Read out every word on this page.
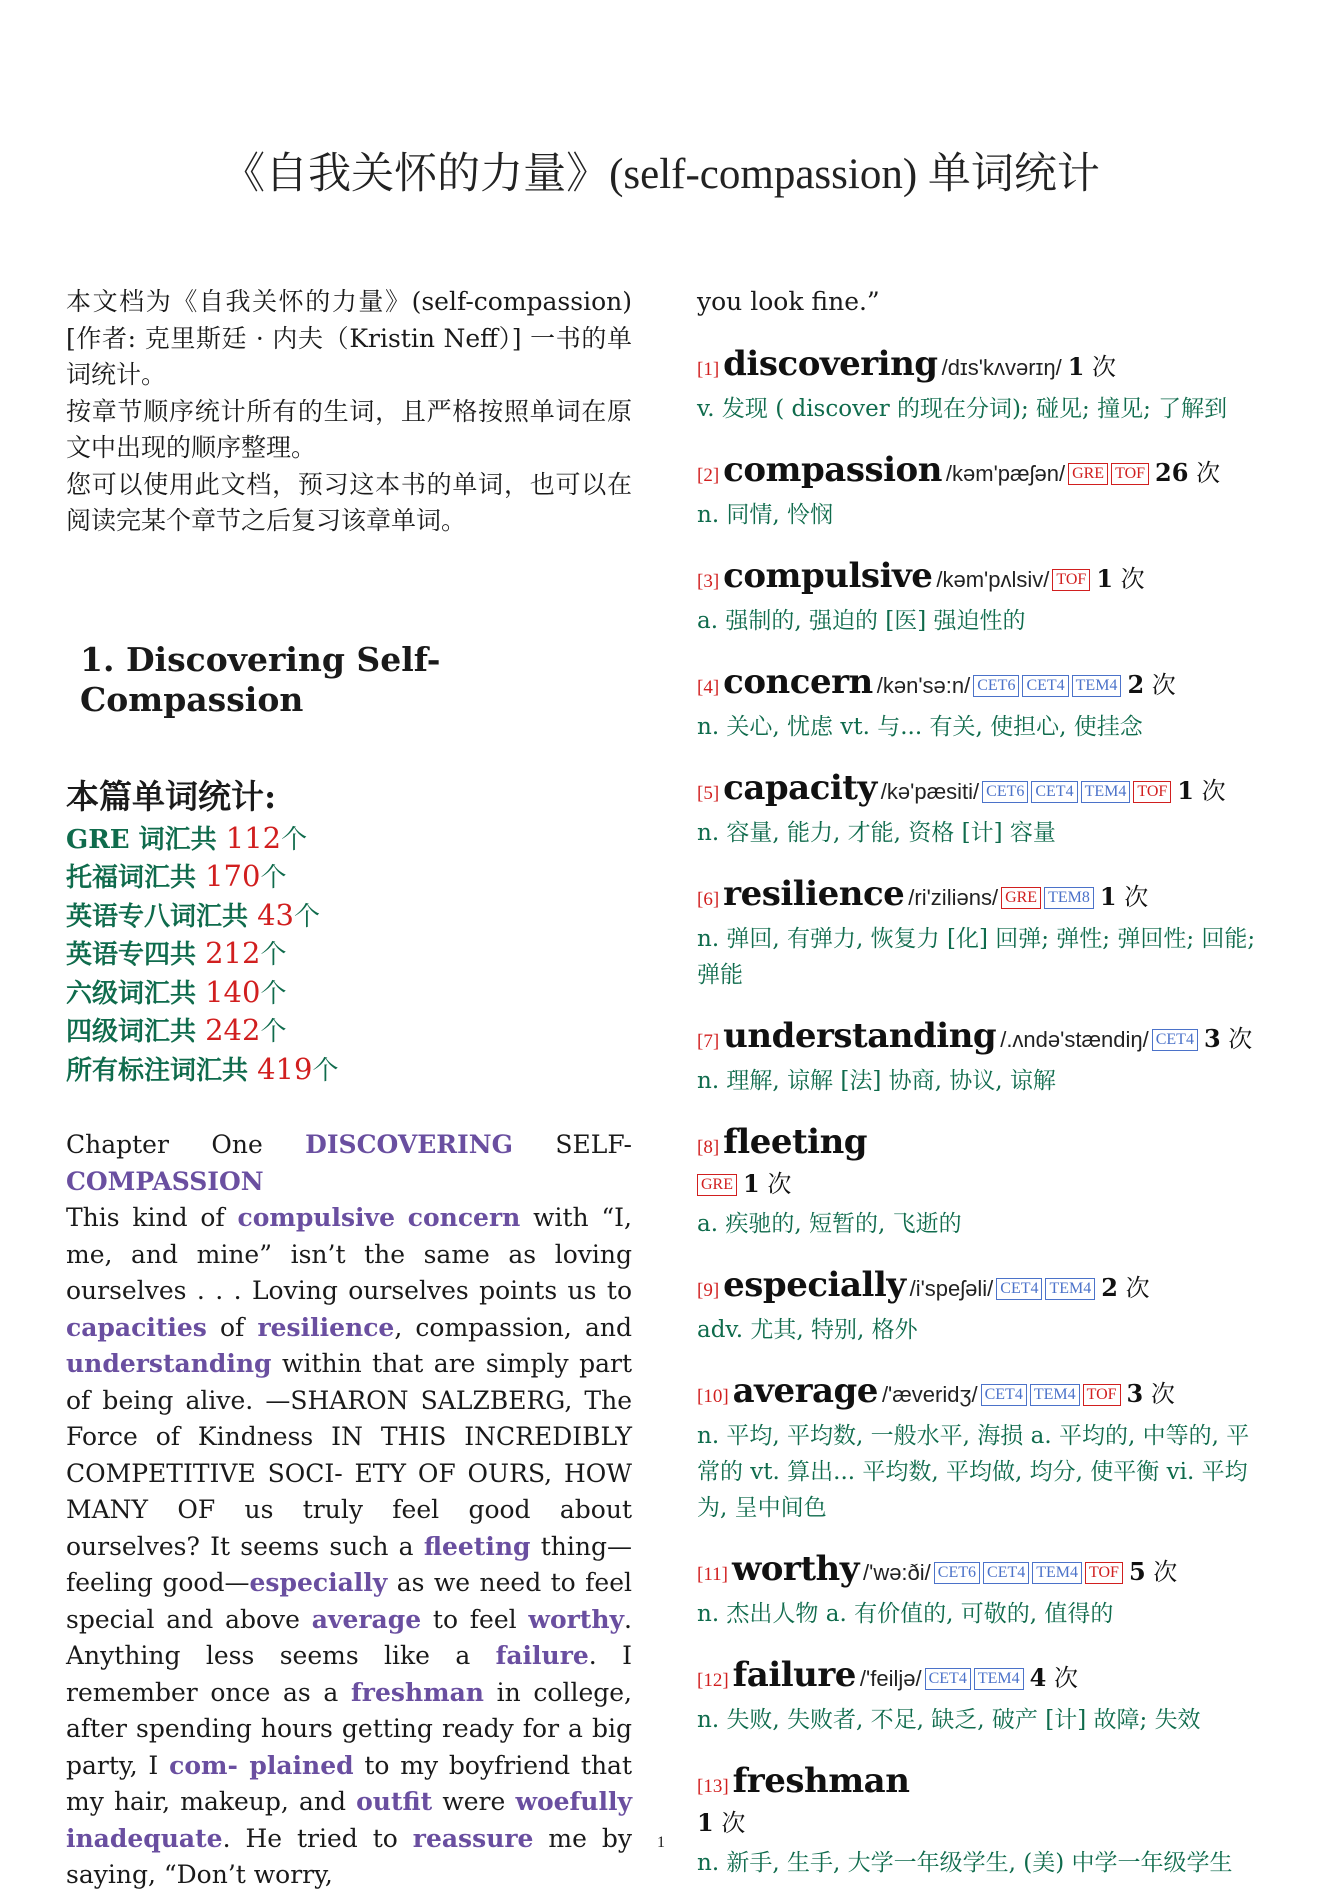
《自我关怀的力量》(self-compassion) 单词统计

本文档为《自我关怀的力量》(self-compassion)[作者: 克里斯廷 · 内夫（Kristin Neff）] 一书的单词统计。

按章节顺序统计所有的生词，且严格按照单词在原文中出现的顺序整理。

您可以使用此文档，预习这本书的单词，也可以在阅读完某个章节之后复习该章单词。

1. Discovering Self-Compassion
本篇单词统计:
GRE 词汇共 112个
托福词汇共 170个
英语专八词汇共 43个
英语专四共 212个
六级词汇共 140个
四级词汇共 242个
所有标注词汇共 419个
Chapter One DISCOVERING SELF- COMPASSION
This kind of compulsive concern with “I, me, and mine” isn’t the same as loving ourselves . . . Loving ourselves points us to capacities of resilience, compassion, and understanding within that are simply part of being alive. —SHARON SALZBERG, The Force of Kindness IN THIS INCREDIBLY COMPETITIVE SOCI- ETY OF OURS, HOW MANY OF us truly feel good about ourselves? It seems such a fleeting thing—feeling good—especially as we need to feel special and above average to feel worthy. Anything less seems like a failure. I remember once as a freshman in college, after spending hours getting ready for a big party, I com- plained to my boyfriend that my hair, makeup, and outfit were woefully inadequate. He tried to reassure me by saying, “Don’t worry,
you look fine.”
[1] discovering /dɪs'kʌvərɪŋ/ 1 次
v. 发现 ( discover 的现在分词); 碰见; 撞见; 了解到
[2] compassion /kəm'pæʃən/ GRE TOF 26 次
n. 同情, 怜悯
[3] compulsive /kəm'pʌlsiv/ TOF 1 次
a. 强制的, 强迫的 [医] 强迫性的
[4] concern /kən'sə:n/ CET6 CET4 TEM4 2 次
n. 关心, 忧虑 vt. 与... 有关, 使担心, 使挂念
[5] capacity /kə'pæsiti/ CET6 CET4 TEM4 TOF 1 次
n. 容量, 能力, 才能, 资格 [计] 容量
[6] resilience /ri'ziliəns/ GRE TEM8 1 次
n. 弹回, 有弹力, 恢复力 [化] 回弹; 弹性; 弹回性; 回能; 弹能
[7] understanding /.ʌndə'stændiŋ/ CET4 3 次
n. 理解, 谅解 [法] 协商, 协议, 谅解
[8] fleeting
GRE 1 次
a. 疾驰的, 短暂的, 飞逝的
[9] especially /i'speʃəli/ CET4 TEM4 2 次
adv. 尤其, 特别, 格外
[10] average /'æveridʒ/ CET4 TEM4 TOF 3 次
n. 平均, 平均数, 一般水平, 海损 a. 平均的, 中等的, 平常的 vt. 算出... 平均数, 平均做, 均分, 使平衡 vi. 平均为, 呈中间色
[11] worthy /'wə:ði/ CET6 CET4 TEM4 TOF 5 次
n. 杰出人物 a. 有价值的, 可敬的, 值得的
[12] failure /'feiljə/ CET4 TEM4 4 次
n. 失败, 失败者, 不足, 缺乏, 破产 [计] 故障; 失效
[13] freshman
1 次
n. 新手, 生手, 大学一年级学生, (美) 中学一年级学生
1
